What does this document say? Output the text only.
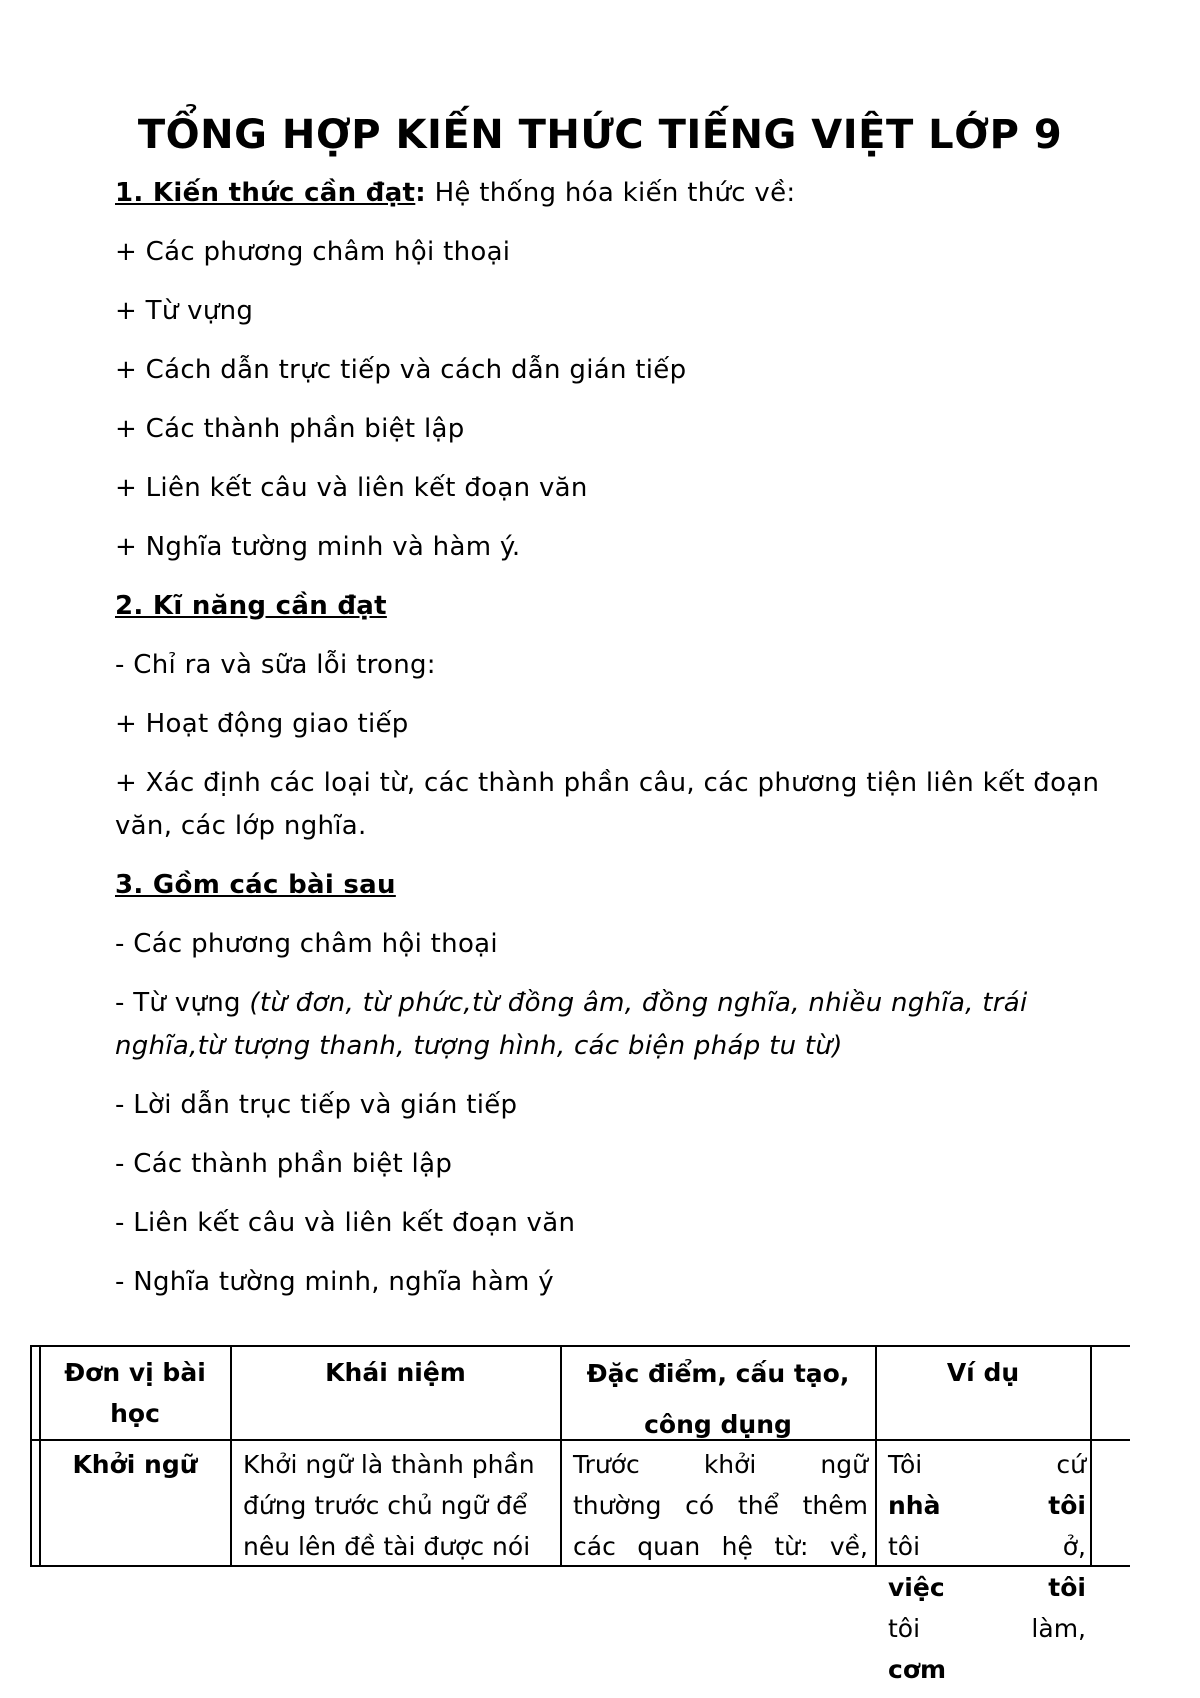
TỔNG HỢP KIẾN THỨC TIẾNG VIỆT LỚP 9
1. Kiến thức cần đạt: Hệ thống hóa kiến thức về:
+ Các phương châm hội thoại
+ Từ vựng
+ Cách dẫn trực tiếp và cách dẫn gián tiếp
+ Các thành phần biệt lập
+ Liên kết câu và liên kết đoạn văn
+ Nghĩa tường minh và hàm ý.
2. Kĩ năng cần đạt
- Chỉ ra và sữa lỗi trong:
+ Hoạt động giao tiếp
+ Xác định các loại từ, các thành phần câu, các phương tiện liên kết đoạn văn, các lớp nghĩa.
3. Gồm các bài sau
- Các phương châm hội thoại
- Từ vựng (từ đơn, từ phức,từ đồng âm, đồng nghĩa, nhiều nghĩa, trái nghĩa,từ tượng thanh, tượng hình, các biện pháp tu từ)
- Lời dẫn trục tiếp và gián tiếp
- Các thành phần biệt lập
- Liên kết câu và liên kết đoạn văn
- Nghĩa tường minh, nghĩa hàm ý
Đơn vị bài học
Khái niệm	Đặc điểm, cấu tạo, công dụng
Ví dụ
Khởi ngữ	Khởi ngữ là thành phần
đứng trước chủ ngữ để
nêu lên đề tài được nói
Trước khởi ngữ
thường có thể thêm
các quan hệ từ: về,
Tôi cứ
nhà tôi
tôi ở,
việc tôi
tôi làm,
cơm
